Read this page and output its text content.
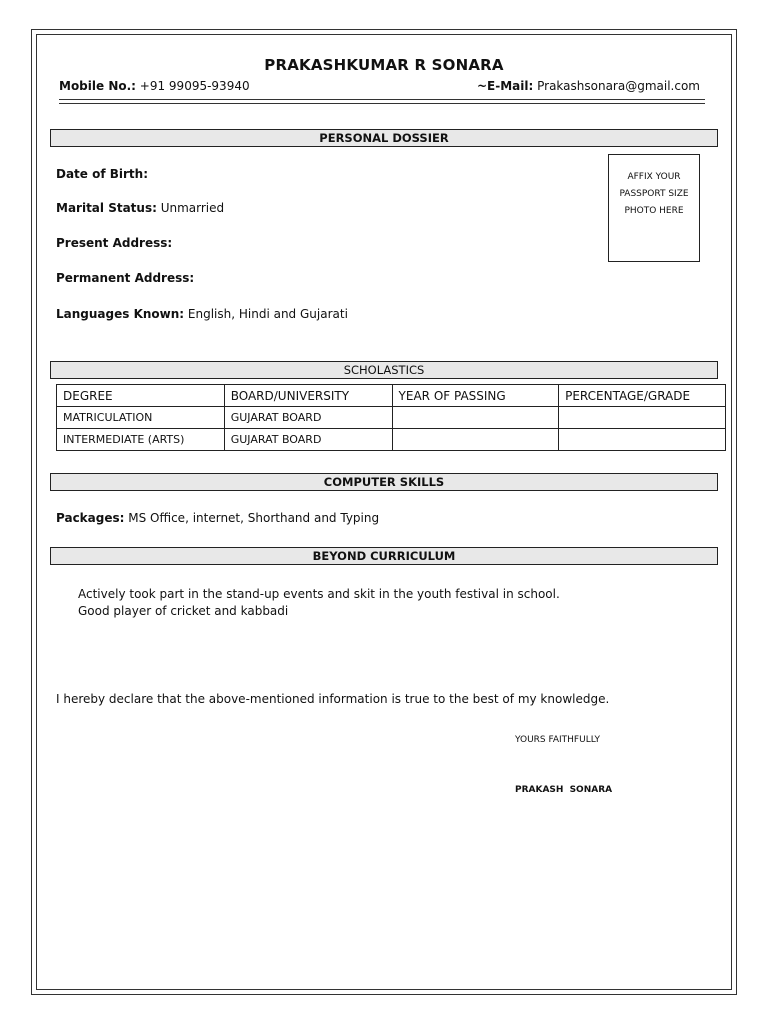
PRAKASHKUMAR R SONARA
Mobile No.: +91 99095-93940	~E-Mail: Prakashsonara@gmail.com
PERSONAL DOSSIER
Date of Birth:
Marital Status: Unmarried
Present Address:
Permanent Address:
Languages Known: English, Hindi and Gujarati
AFFIX YOUR
PASSPORT SIZE
PHOTO HERE
SCHOLASTICS
DEGREE	BOARD/UNIVERSITY	YEAR OF PASSING	PERCENTAGE/GRADE
MATRICULATION	GUJARAT BOARD		
INTERMEDIATE (ARTS)	GUJARAT BOARD		
COMPUTER SKILLS
Packages: MS Office, internet, Shorthand and Typing
BEYOND CURRICULUM
Actively took part in the stand-up events and skit in the youth festival in school.
Good player of cricket and kabbadi
I hereby declare that the above-mentioned information is true to the best of my knowledge.
YOURS FAITHFULLY
PRAKASH SONARA
